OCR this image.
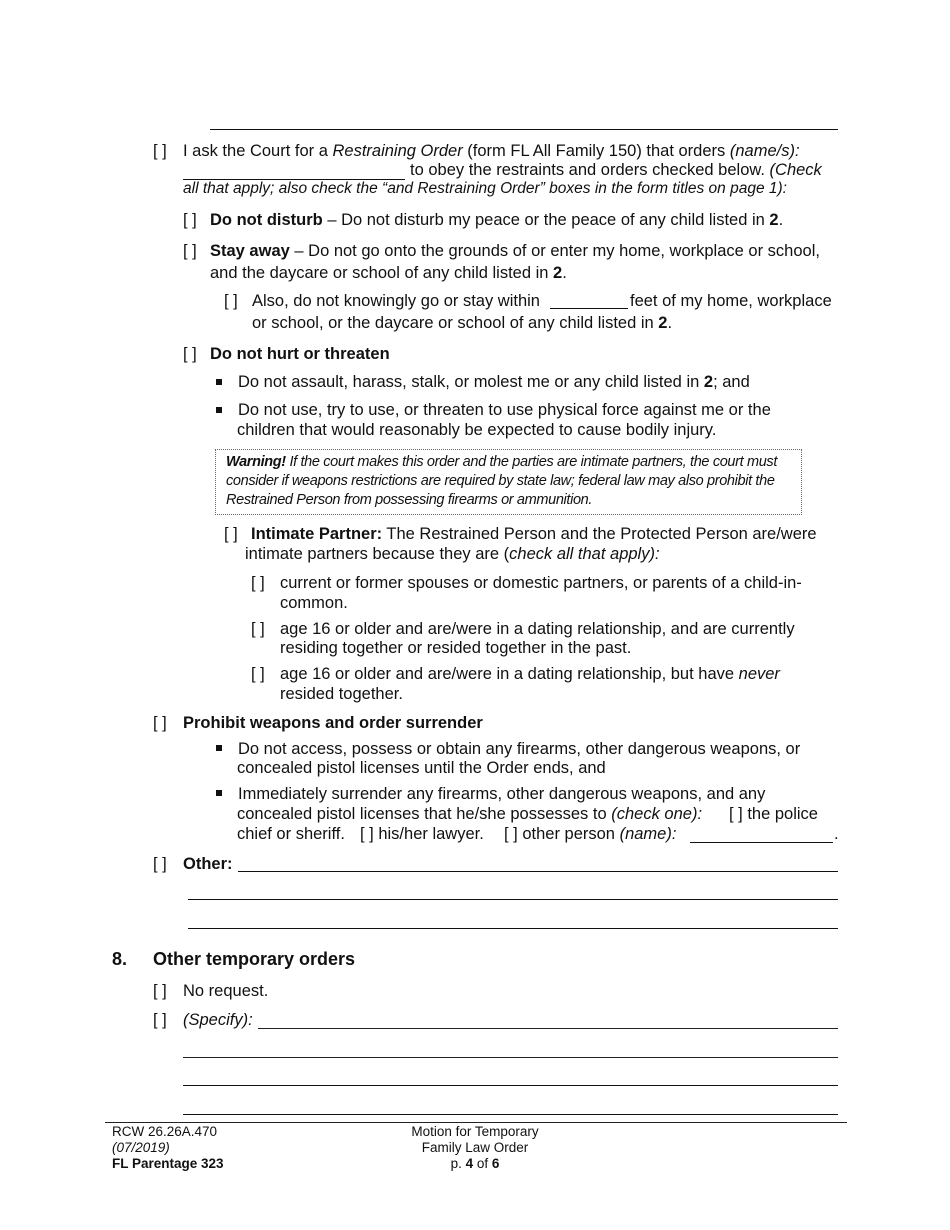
[ ] I ask the Court for a Restraining Order (form FL All Family 150) that orders (name/s):
to obey the restraints and orders checked below. (Check
all that apply; also check the “and Restraining Order” boxes in the form titles on page 1):
[ ] Do not disturb – Do not disturb my peace or the peace of any child listed in 2.
[ ] Stay away – Do not go onto the grounds of or enter my home, workplace or school,
and the daycare or school of any child listed in 2.
[ ] Also, do not knowingly go or stay within	feet of my home, workplace
or school, or the daycare or school of any child listed in 2.
[ ] Do not hurt or threaten
Do not assault, harass, stalk, or molest me or any child listed in 2; and
Do not use, try to use, or threaten to use physical force against me or the
children that would reasonably be expected to cause bodily injury.
Warning! If the court makes this order and the parties are intimate partners, the court must
consider if weapons restrictions are required by state law; federal law may also prohibit the
Restrained Person from possessing firearms or ammunition.
[ ] Intimate Partner: The Restrained Person and the Protected Person are/were
intimate partners because they are (check all that apply):
[ ] current or former spouses or domestic partners, or parents of a child-in-
common.
[ ] age 16 or older and are/were in a dating relationship, and are currently
residing together or resided together in the past.
[ ] age 16 or older and are/were in a dating relationship, but have never
resided together.
[ ] Prohibit weapons and order surrender
Do not access, possess or obtain any firearms, other dangerous weapons, or
concealed pistol licenses until the Order ends, and
Immediately surrender any firearms, other dangerous weapons, and any
concealed pistol licenses that he/she possesses to (check one): [ ] the police
chief or sheriff. [ ] his/her lawyer. [ ] other person (name):	.
[ ] Other:
8. Other temporary orders
[ ] No request.
[ ] (Specify):
RCW 26.26A.470
(07/2019)
FL Parentage 323
Motion for Temporary
Family Law Order
p. 4 of 6
